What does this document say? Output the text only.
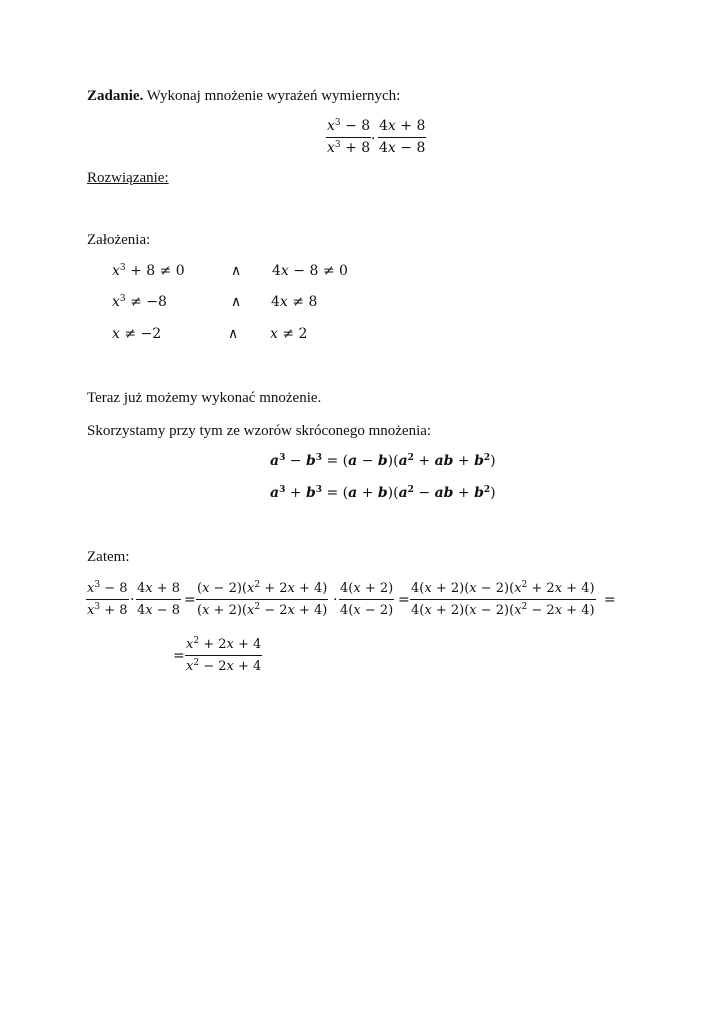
Zadanie. Wykonaj mnożenie wyrażeń wymiernych:
$\frac{x^3 - 8}{x^3 + 8} \cdot \frac{4x + 8}{4x - 8}$
Rozwiązanie:
Założenia:
$x^3 + 8 \ne 0$	∧ 4x − 8 ≠ 0
$x^3 \ne -8$	∧ 4x ≠ 8
x ≠ −2	∧ x ≠ 2
Teraz już możemy wykonać mnożenie.
Skorzystamy przy tym ze wzorów skróconego mnożenia:
$a^3 - b^3 = (a - b)(a^2$ + ab + $b^2$)
$a^3 + b^3 = (a + b)(a^2$ − ab + $b^2$)
Zatem:
$\frac{x^3 - 8}{x^3 + 8} \cdot \frac{4x + 8}{4x - 8} = \frac{(x - 2)(x^2 + 2x + 4)}{(x + 2)(x^2 - 2x + 4)} \cdot \frac{4(x + 2)}{4(x - 2)} = \frac{4(x + 2)(x - 2)(x^2 + 2x + 4)}{4(x + 2)(x - 2)(x^2 - 2x + 4)}$ =
= $\frac{x^2 + 2x + 4}{x^2 - 2x + 4}$
